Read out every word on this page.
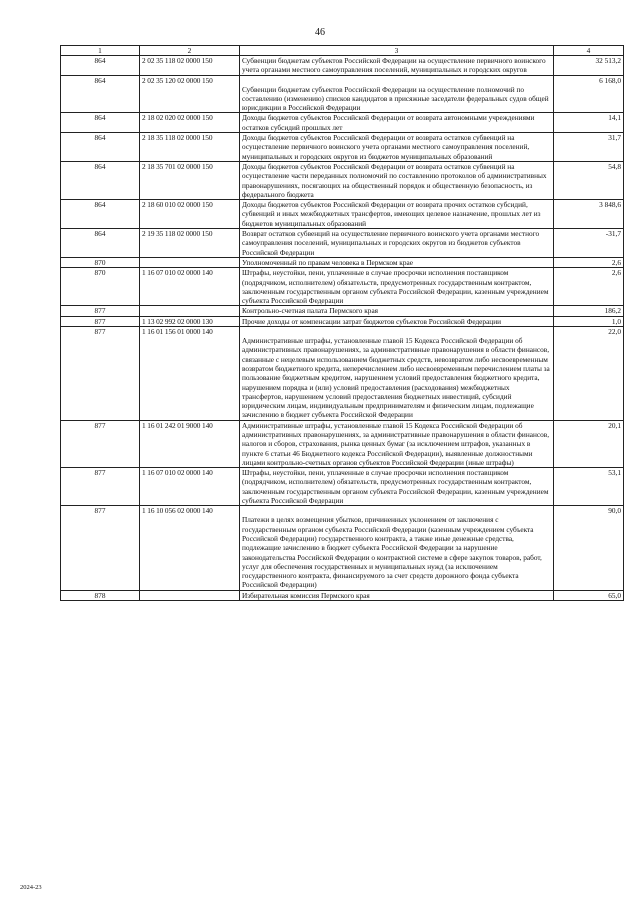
46
1	2	3	4
864	2 02 35 118 02 0000 150	Субвенции бюджетам субъектов Российской Федерации на осуществление первичного воинского учета органами местного самоуправления поселений, муниципальных и городских округов	32 513,2
864	2 02 35 120 02 0000 150	Субвенции бюджетам субъектов Российской Федерации на осуществление полномочий по составлению (изменению) списков кандидатов в присяжные заседатели федеральных судов общей юрисдикции в Российской Федерации	6 168,0
864	2 18 02 020 02 0000 150	Доходы бюджетов субъектов Российской Федерации от возврата автономными учреждениями остатков субсидий прошлых лет	14,1
864	2 18 35 118 02 0000 150	Доходы бюджетов субъектов Российской Федерации от возврата остатков субвенций на осуществление первичного воинского учета органами местного самоуправления поселений, муниципальных и городских округов из бюджетов муниципальных образований	31,7
864	2 18 35 701 02 0000 150	Доходы бюджетов субъектов Российской Федерации от возврата остатков субвенций на осуществление части переданных полномочий по составлению протоколов об административных правонарушениях, посягающих на общественный порядок и общественную безопасность, из федерального бюджета	54,8
864	2 18 60 010 02 0000 150	Доходы бюджетов субъектов Российской Федерации от возврата прочих остатков субсидий, субвенций и иных межбюджетных трансфертов, имеющих целевое назначение, прошлых лет из бюджетов муниципальных образований	3 848,6
864	2 19 35 118 02 0000 150	Возврат остатков субвенций на осуществление первичного воинского учета органами местного самоуправления поселений, муниципальных и городских округов из бюджетов субъектов Российской Федерации	-31,7
870		Уполномоченный по правам человека в Пермском крае	2,6
870	1 16 07 010 02 0000 140	Штрафы, неустойки, пени, уплаченные в случае просрочки исполнения поставщиком (подрядчиком, исполнителем) обязательств, предусмотренных государственным контрактом, заключенным государственным органом субъекта Российской Федерации, казенным учреждением субъекта Российской Федерации	2,6
877		Контрольно-счетная палата Пермского края	186,2
877	1 13 02 992 02 0000 130	Прочие доходы от компенсации затрат бюджетов субъектов Российской Федерации	1,0
877	1 16 01 156 01 0000 140	Административные штрафы, установленные главой 15 Кодекса Российской Федерации об административных правонарушениях, за административные правонарушения в области финансов, связанные с нецелевым использованием бюджетных средств, невозвратом либо несвоевременным возвратом бюджетного кредита, неперечислением либо несвоевременным перечислением платы за пользование бюджетным кредитом, нарушением условий предоставления бюджетного кредита, нарушением порядка и (или) условий предоставления (расходования) межбюджетных трансфертов, нарушением условий предоставления бюджетных инвестиций, субсидий юридическим лицам, индивидуальным предпринимателям и физическим лицам, подлежащие зачислению в бюджет субъекта Российской Федерации	22,0
877	1 16 01 242 01 9000 140	Административные штрафы, установленные главой 15 Кодекса Российской Федерации об административных правонарушениях, за административные правонарушения в области финансов, налогов и сборов, страхования, рынка ценных бумаг (за исключением штрафов, указанных в пункте 6 статьи 46 Бюджетного кодекса Российской Федерации), выявленные должностными лицами контрольно-счетных органов субъектов Российской Федерации (иные штрафы)	20,1
877	1 16 07 010 02 0000 140	Штрафы, неустойки, пени, уплаченные в случае просрочки исполнения поставщиком (подрядчиком, исполнителем) обязательств, предусмотренных государственным контрактом, заключенным государственным органом субъекта Российской Федерации, казенным учреждением субъекта Российской Федерации	53,1
877	1 16 10 056 02 0000 140	Платежи в целях возмещения убытков, причиненных уклонением от заключения с государственным органом субъекта Российской Федерации (казенным учреждением субъекта Российской Федерации) государственного контракта, а также иные денежные средства, подлежащие зачислению в бюджет субъекта Российской Федерации за нарушение законодательства Российской Федерации о контрактной системе в сфере закупок товаров, работ, услуг для обеспечения государственных и муниципальных нужд (за исключением государственного контракта, финансируемого за счет средств дорожного фонда субъекта Российской Федерации)	90,0
878		Избирательная комиссия Пермского края	65,0
2024-23
